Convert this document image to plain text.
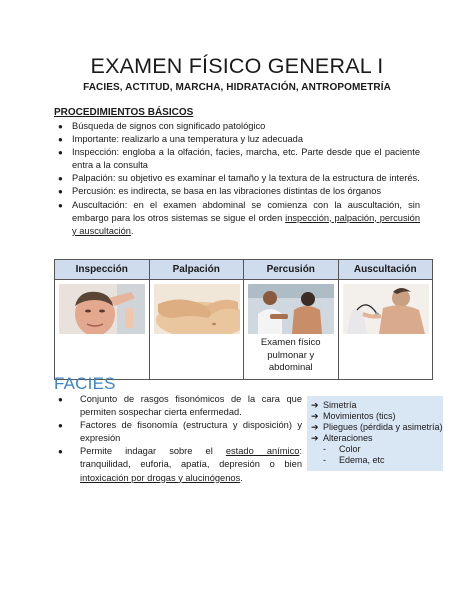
EXAMEN FÍSICO GENERAL I
FACIES, ACTITUD, MARCHA, HIDRATACIÓN, ANTROPOMETRÍA
PROCEDIMIENTOS BÁSICOS
● Búsqueda de signos con significado patológico
● Importante: realizarlo a una temperatura y luz adecuada
● Inspección: engloba a la olfación, facies, marcha, etc. Parte desde que el paciente entra a la consulta
● Palpación: su objetivo es examinar el tamaño y la textura de la estructura de interés.
● Percusión: es indirecta, se basa en las vibraciones distintas de los órganos
● Auscultación: en el examen abdominal se comienza con la auscultación, sin embargo para los otros sistemas se sigue el orden inspección, palpación, percusión y auscultación.
Inspección	Palpación	Percusión	Auscultación

Examen físico pulmonar y abdominal

FACIES
● Conjunto de rasgos fisonómicos de la cara que permiten sospechar cierta enfermedad.
● Factores de fisonomía (estructura y disposición) y expresión
● Permite indagar sobre el estado anímico: tranquilidad, euforia, apatía, depresión o bien intoxicación por drogas y alucinógenos.
➔ Simetría
➔ Movimientos (tics)
➔ Pliegues (pérdida y asimetría)
➔ Alteraciones
- Color
- Edema, etc
